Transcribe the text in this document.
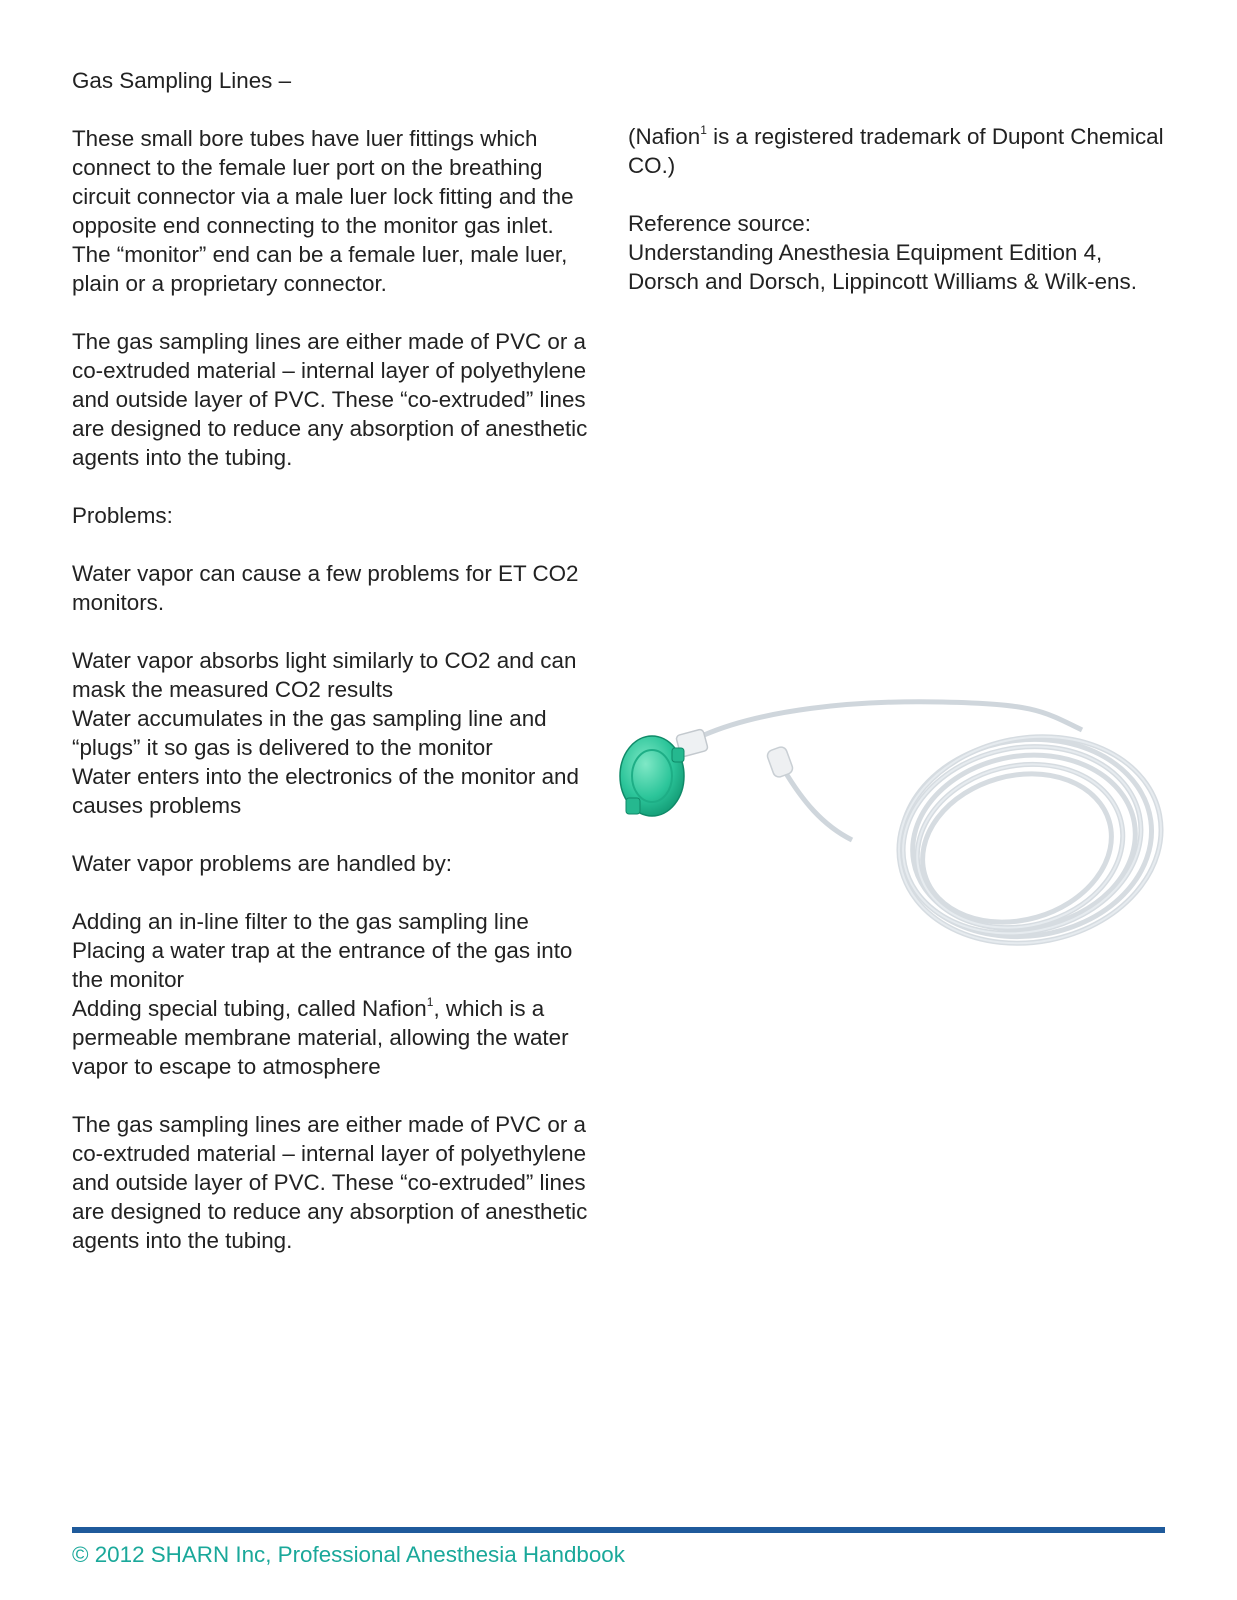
Gas Sampling Lines –

These small bore tubes have luer fittings which connect to the female luer port on the breathing circuit connector via a male luer lock fitting and the opposite end connecting to the monitor gas inlet. The “monitor” end can be a female luer, male luer, plain or a proprietary connector.

The gas sampling lines are either made of PVC or a co-extruded material – internal layer of polyethylene and outside layer of PVC. These “co-extruded” lines are designed to reduce any absorption of anesthetic agents into the tubing.

Problems:

Water vapor can cause a few problems for ET CO2 monitors.

Water vapor absorbs light similarly to CO2 and can mask the measured CO2 results

Water accumulates in the gas sampling line and “plugs” it so gas is delivered to the monitor

Water enters into the electronics of the monitor and causes problems

Water vapor problems are handled by:

Adding an in-line filter to the gas sampling line

Placing a water trap at the entrance of the gas into the monitor

Adding special tubing, called Nafion$^1$, which is a permeable membrane material, allowing the water vapor to escape to atmosphere

The gas sampling lines are either made of PVC or a co-extruded material – internal layer of polyethylene and outside layer of PVC. These “co-extruded” lines are designed to reduce any absorption of anesthetic agents into the tubing.

(Nafion$^1$ is a registered trademark of Dupont Chemical CO.)

Reference source:

Understanding Anesthesia Equipment Edition 4, Dorsch and Dorsch, Lippincott Williams & Wilk-ens.

© 2012 SHARN Inc, Professional Anesthesia Handbook
